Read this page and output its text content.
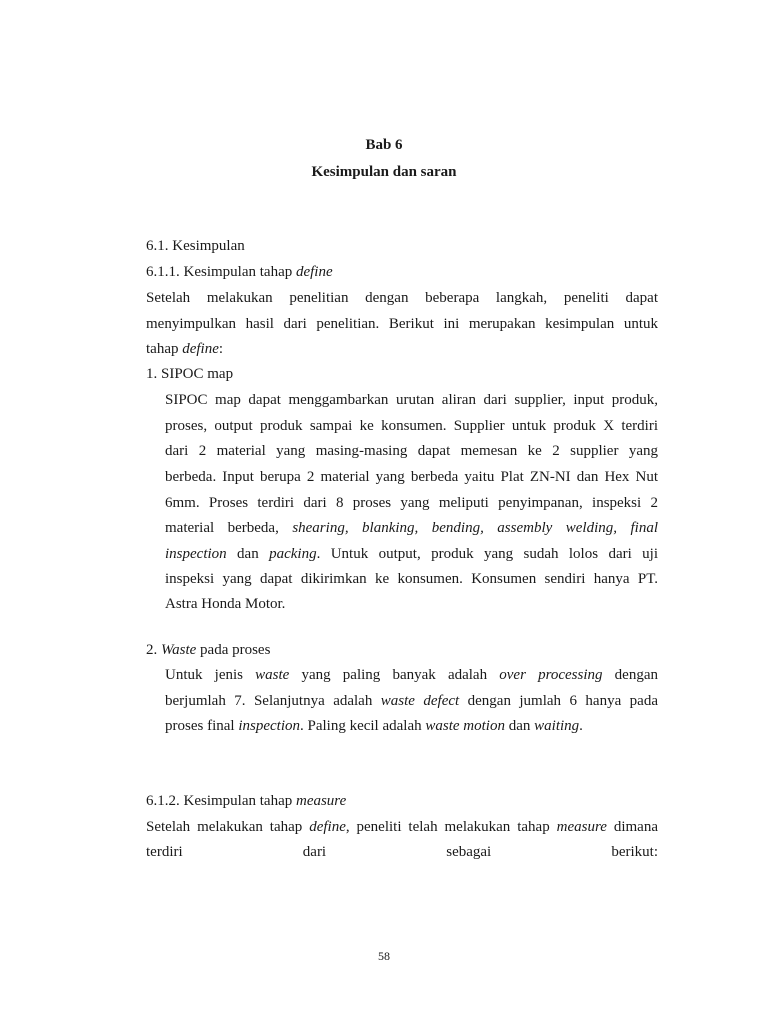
Bab 6
Kesimpulan dan saran
6.1. Kesimpulan
6.1.1. Kesimpulan tahap define
Setelah melakukan penelitian dengan beberapa langkah, peneliti dapat
menyimpulkan hasil dari penelitian. Berikut ini merupakan kesimpulan untuk
tahap define:
1. SIPOC map
SIPOC map dapat menggambarkan urutan aliran dari supplier, input produk,
proses, output produk sampai ke konsumen. Supplier untuk produk X terdiri
dari 2 material yang masing-masing dapat memesan ke 2 supplier yang
berbeda. Input berupa 2 material yang berbeda yaitu Plat ZN-NI dan Hex Nut
6mm. Proses terdiri dari 8 proses yang meliputi penyimpanan, inspeksi 2
material berbeda, shearing, blanking, bending, assembly welding, final
inspection dan packing. Untuk output, produk yang sudah lolos dari uji
inspeksi yang dapat dikirimkan ke konsumen. Konsumen sendiri hanya PT.
Astra Honda Motor.
2. Waste pada proses
Untuk jenis waste yang paling banyak adalah over processing dengan
berjumlah 7. Selanjutnya adalah waste defect dengan jumlah 6 hanya pada
proses final inspection. Paling kecil adalah waste motion dan waiting.
6.1.2. Kesimpulan tahap measure
Setelah melakukan tahap define, peneliti telah melakukan tahap measure dimana
terdiri dari sebagai berikut:
58
